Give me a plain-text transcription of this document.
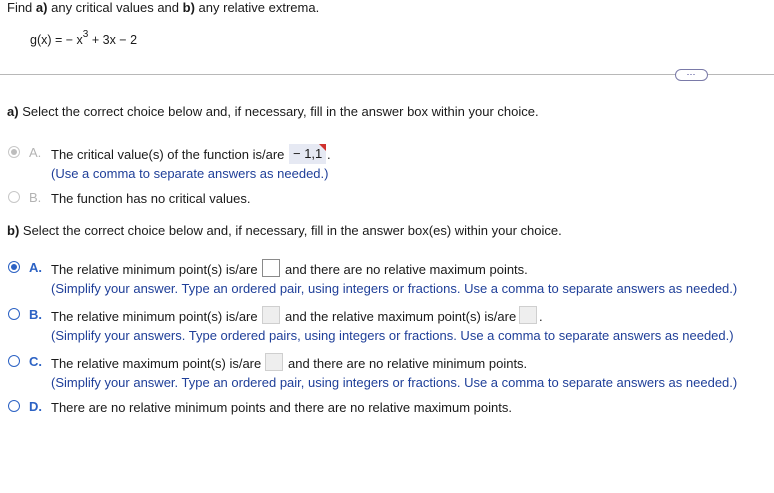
Find a) any critical values and b) any relative extrema.
g(x) = − $x^3 + 3x - 2$
⋯
a) Select the correct choice below and, if necessary, fill in the answer box within your choice.
A. The critical value(s) of the function is/are − 1,1 .
(Use a comma to separate answers as needed.)
B. The function has no critical values.
b) Select the correct choice below and, if necessary, fill in the answer box(es) within your choice.
A. The relative minimum point(s) is/are and there are no relative maximum points.
(Simplify your answer. Type an ordered pair, using integers or fractions. Use a comma to separate answers as needed.)
B. The relative minimum point(s) is/are and the relative maximum point(s) is/are .
(Simplify your answers. Type ordered pairs, using integers or fractions. Use a comma to separate answers as needed.)
C. The relative maximum point(s) is/are and there are no relative minimum points.
(Simplify your answer. Type an ordered pair, using integers or fractions. Use a comma to separate answers as needed.)
D. There are no relative minimum points and there are no relative maximum points.
